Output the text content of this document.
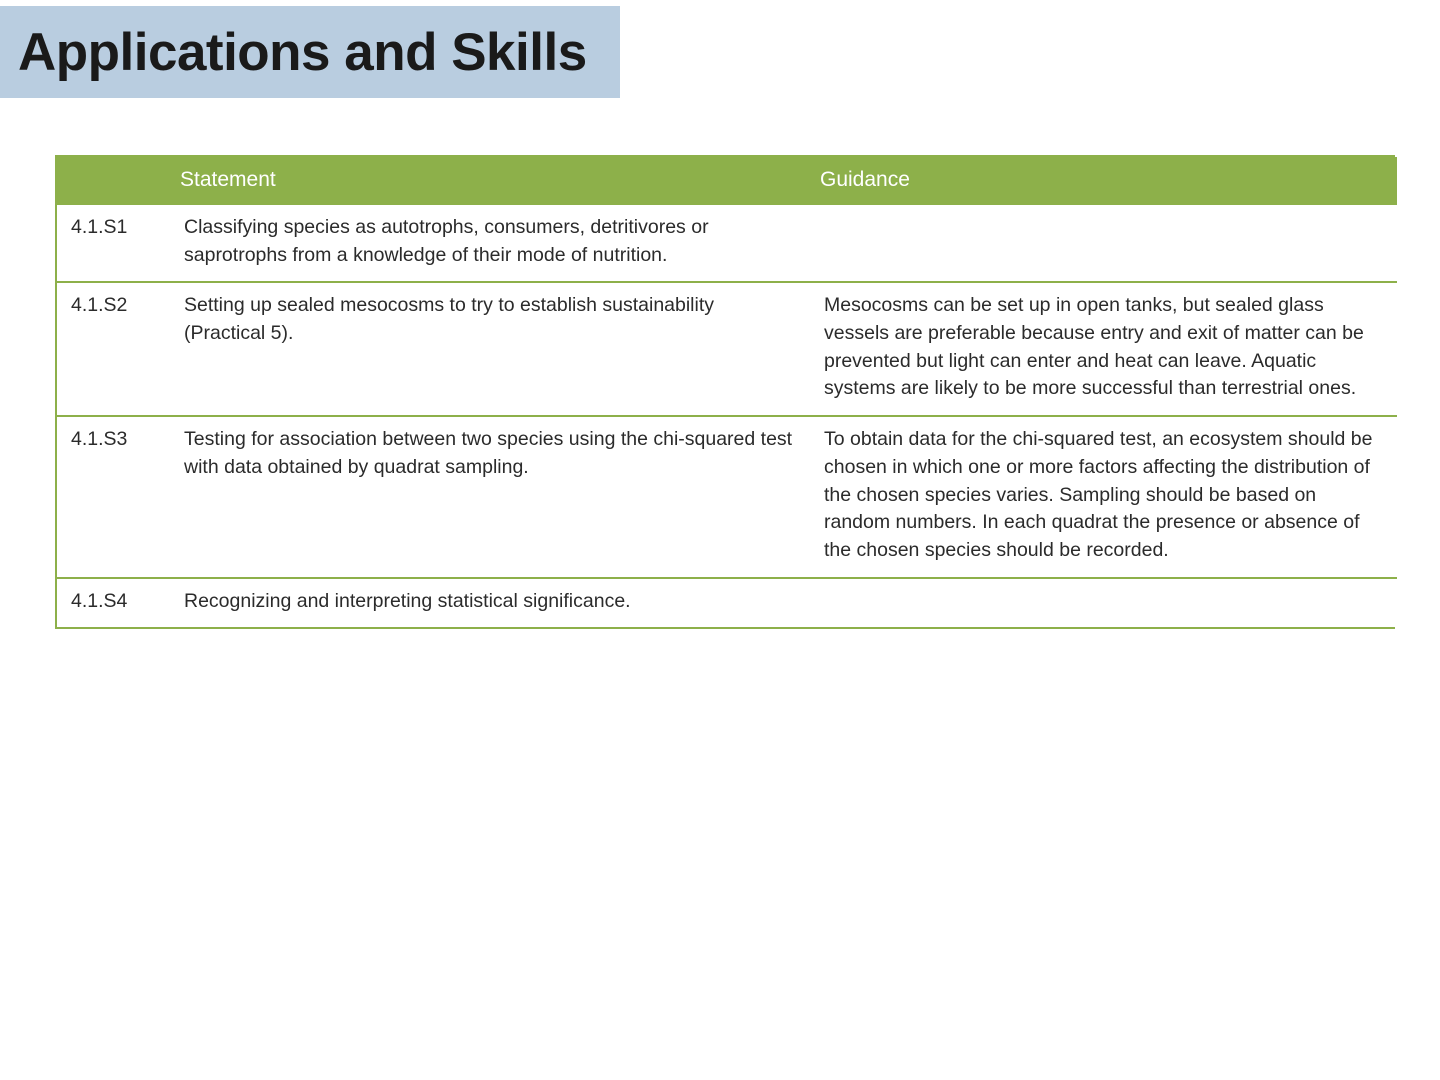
Applications and Skills
	Statement	Guidance
4.1.S1	Classifying species as autotrophs, consumers, detritivores or saprotrophs from a knowledge of their mode of nutrition.	
4.1.S2	Setting up sealed mesocosms to try to establish sustainability (Practical 5).	Mesocosms can be set up in open tanks, but sealed glass vessels are preferable because entry and exit of matter can be prevented but light can enter and heat can leave. Aquatic systems are likely to be more successful than terrestrial ones.
4.1.S3	Testing for association between two species using the chi-squared test with data obtained by quadrat sampling.	To obtain data for the chi-squared test, an ecosystem should be chosen in which one or more factors affecting the distribution of the chosen species varies. Sampling should be based on random numbers. In each quadrat the presence or absence of the chosen species should be recorded.
4.1.S4	Recognizing and interpreting statistical significance.	
